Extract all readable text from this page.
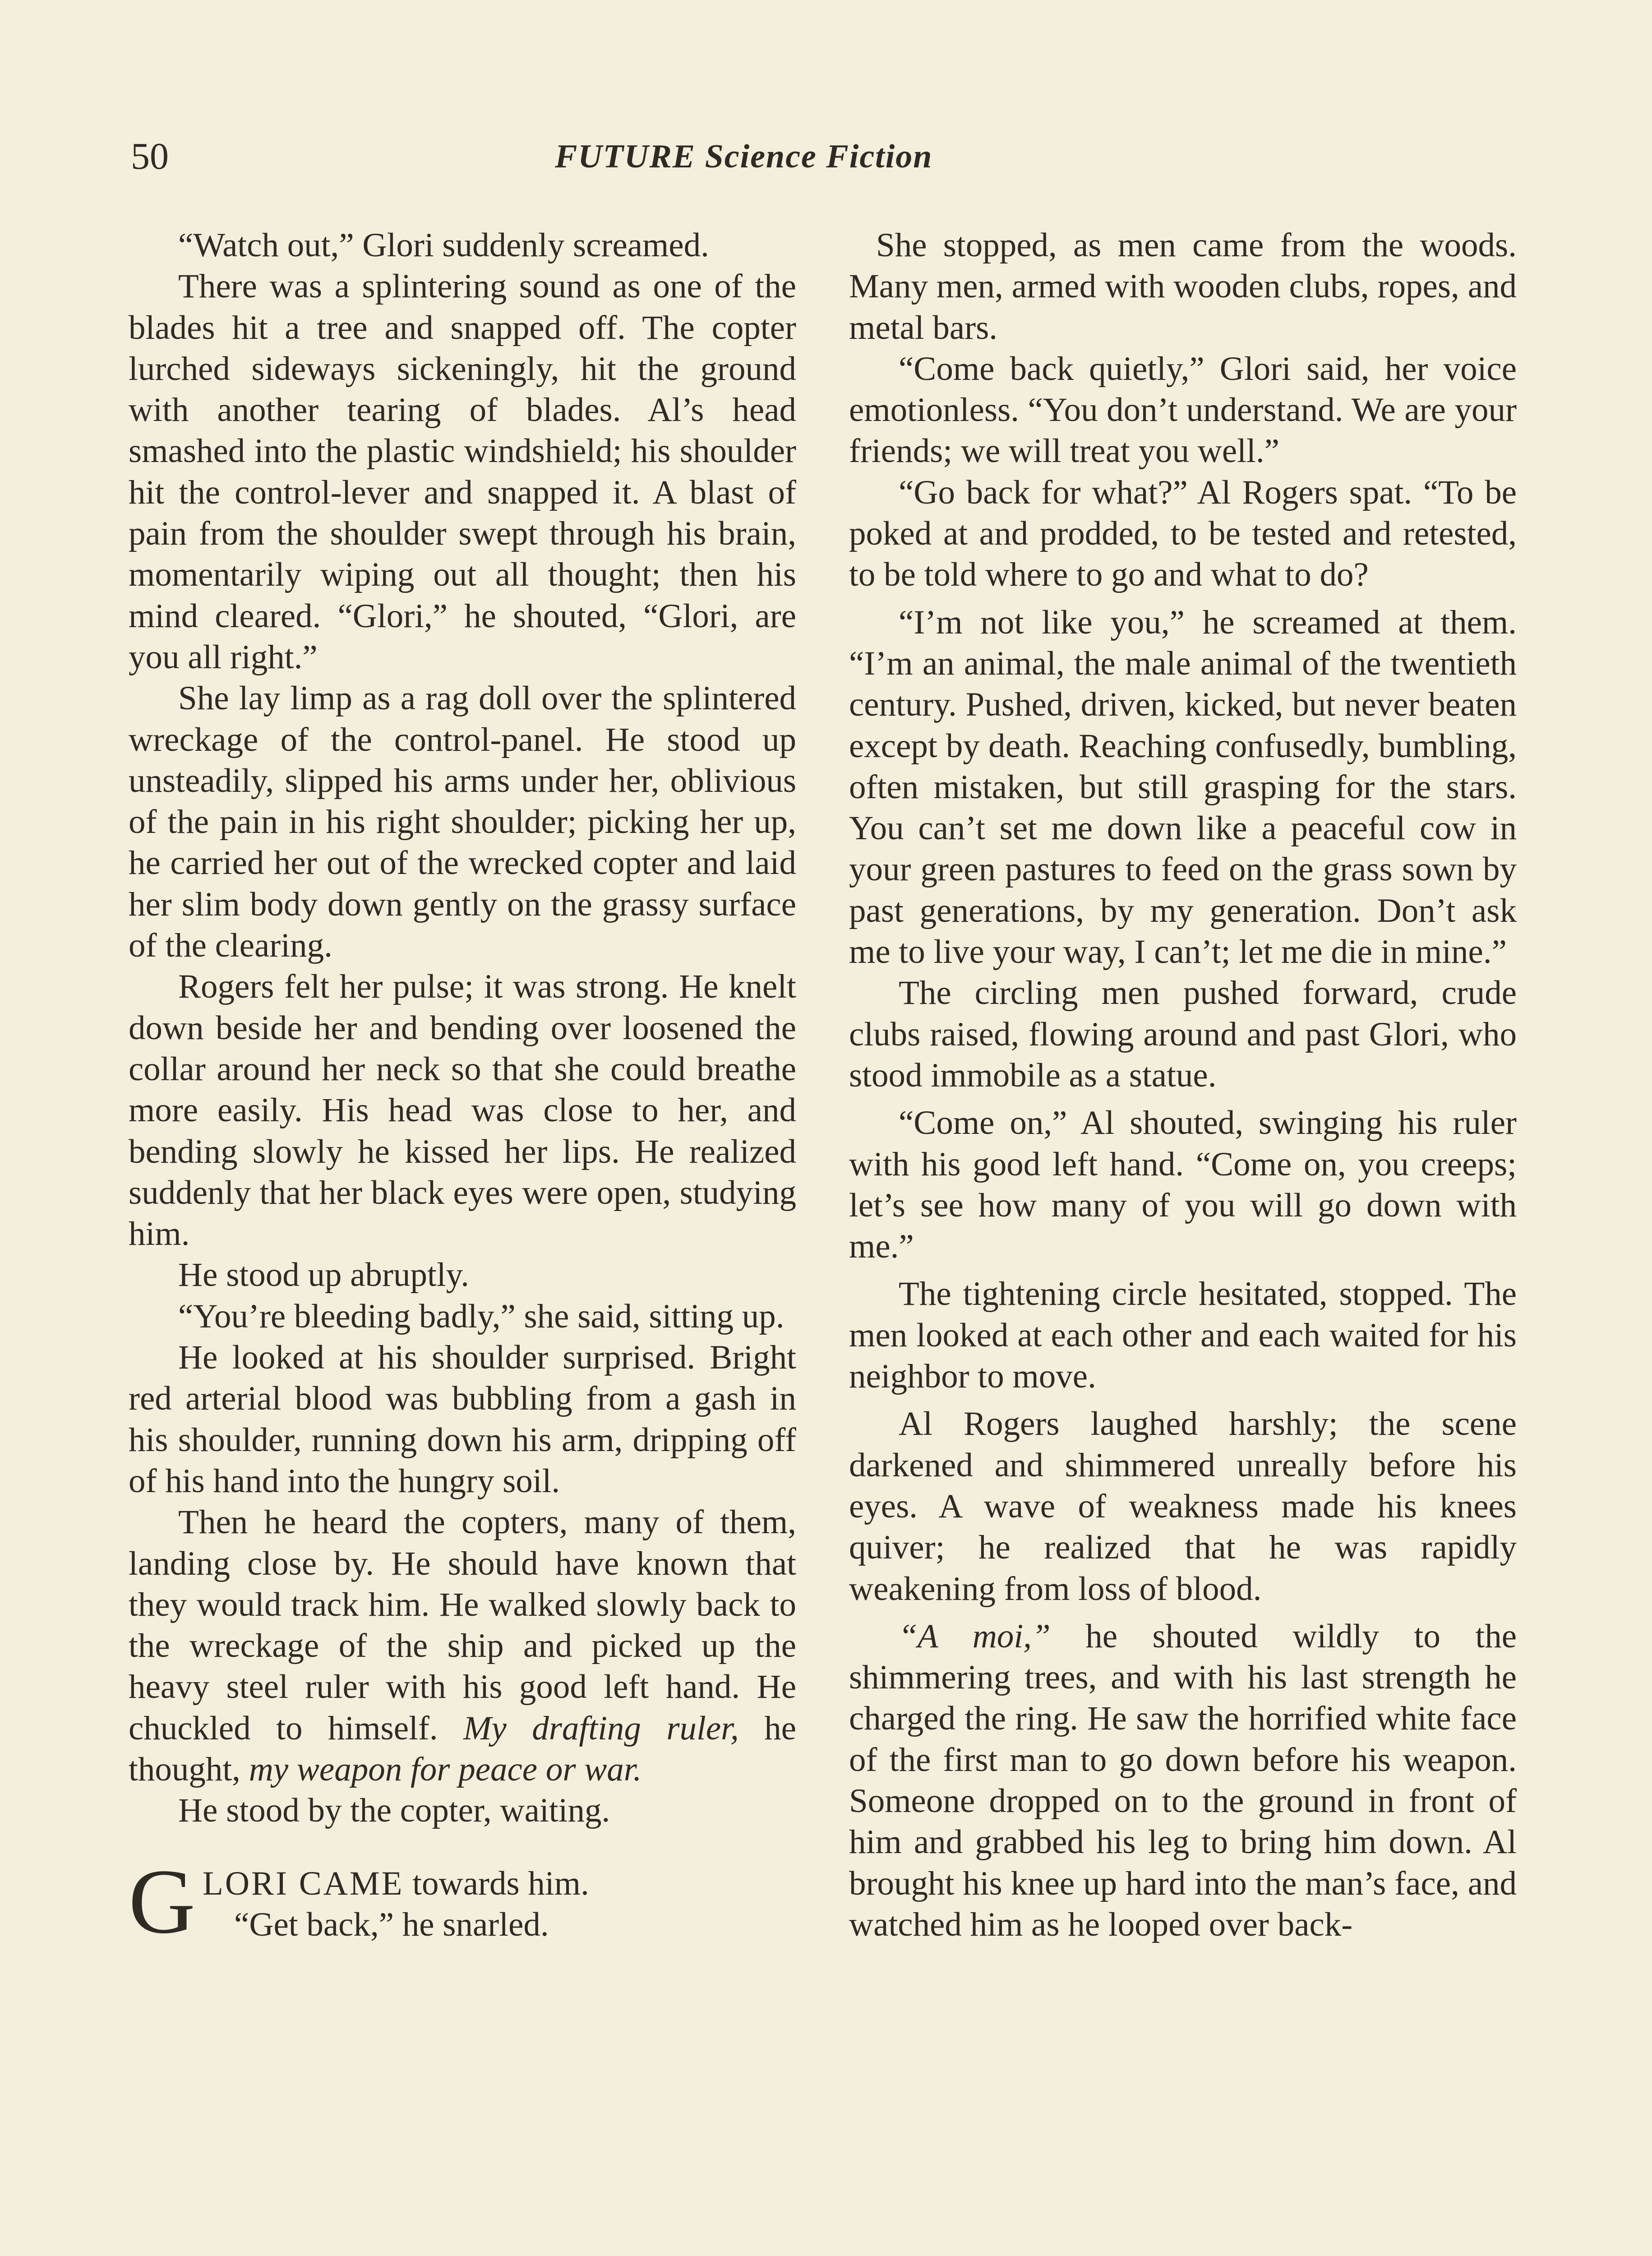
50	FUTURE Science Fiction

“Watch out,” Glori suddenly screamed.

There was a splintering sound as one of the blades hit a tree and snapped off. The copter lurched sideways sickeningly, hit the ground with another tearing of blades. Al’s head smashed into the plastic windshield; his shoulder hit the control-lever and snapped it. A blast of pain from the shoulder swept through his brain, momentarily wiping out all thought; then his mind cleared. “Glori,” he shouted, “Glori, are you all right.”

She lay limp as a rag doll over the splintered wreckage of the control-panel. He stood up unsteadily, slipped his arms under her, oblivious of the pain in his right shoulder; picking her up, he carried her out of the wrecked copter and laid her slim body down gently on the grassy surface of the clearing.

Rogers felt her pulse; it was strong. He knelt down beside her and bending over loosened the collar around her neck so that she could breathe more easily. His head was close to her, and bending slowly he kissed her lips. He realized suddenly that her black eyes were open, studying him.

He stood up abruptly.

“You’re bleeding badly,” she said, sitting up.

He looked at his shoulder surprised. Bright red arterial blood was bubbling from a gash in his shoulder, running down his arm, dripping off of his hand into the hungry soil.

Then he heard the copters, many of them, landing close by. He should have known that they would track him. He walked slowly back to the wreckage of the ship and picked up the heavy steel ruler with his good left hand. He chuckled to himself. My drafting ruler, he thought, my weapon for peace or war.

He stood by the copter, waiting.

GLORI CAME towards him.
“Get back,” he snarled.

She stopped, as men came from the woods. Many men, armed with wooden clubs, ropes, and metal bars.

“Come back quietly,” Glori said, her voice emotionless. “You don’t understand. We are your friends; we will treat you well.”

“Go back for what?” Al Rogers spat. “To be poked at and prodded, to be tested and retested, to be told where to go and what to do?

“I’m not like you,” he screamed at them. “I’m an animal, the male animal of the twentieth century. Pushed, driven, kicked, but never beaten except by death. Reaching confusedly, bumbling, often mistaken, but still grasping for the stars. You can’t set me down like a peaceful cow in your green pastures to feed on the grass sown by past generations, by my generation. Don’t ask me to live your way, I can’t; let me die in mine.”

The circling men pushed forward, crude clubs raised, flowing around and past Glori, who stood immobile as a statue.

“Come on,” Al shouted, swinging his ruler with his good left hand. “Come on, you creeps; let’s see how many of you will go down with me.”

The tightening circle hesitated, stopped. The men looked at each other and each waited for his neighbor to move.

Al Rogers laughed harshly; the scene darkened and shimmered unreally before his eyes. A wave of weakness made his knees quiver; he realized that he was rapidly weakening from loss of blood.

“A moi,” he shouted wildly to the shimmering trees, and with his last strength he charged the ring. He saw the horrified white face of the first man to go down before his weapon. Someone dropped on to the ground in front of him and grabbed his leg to bring him down. Al brought his knee up hard into the man’s face, and watched him as he looped over back-
